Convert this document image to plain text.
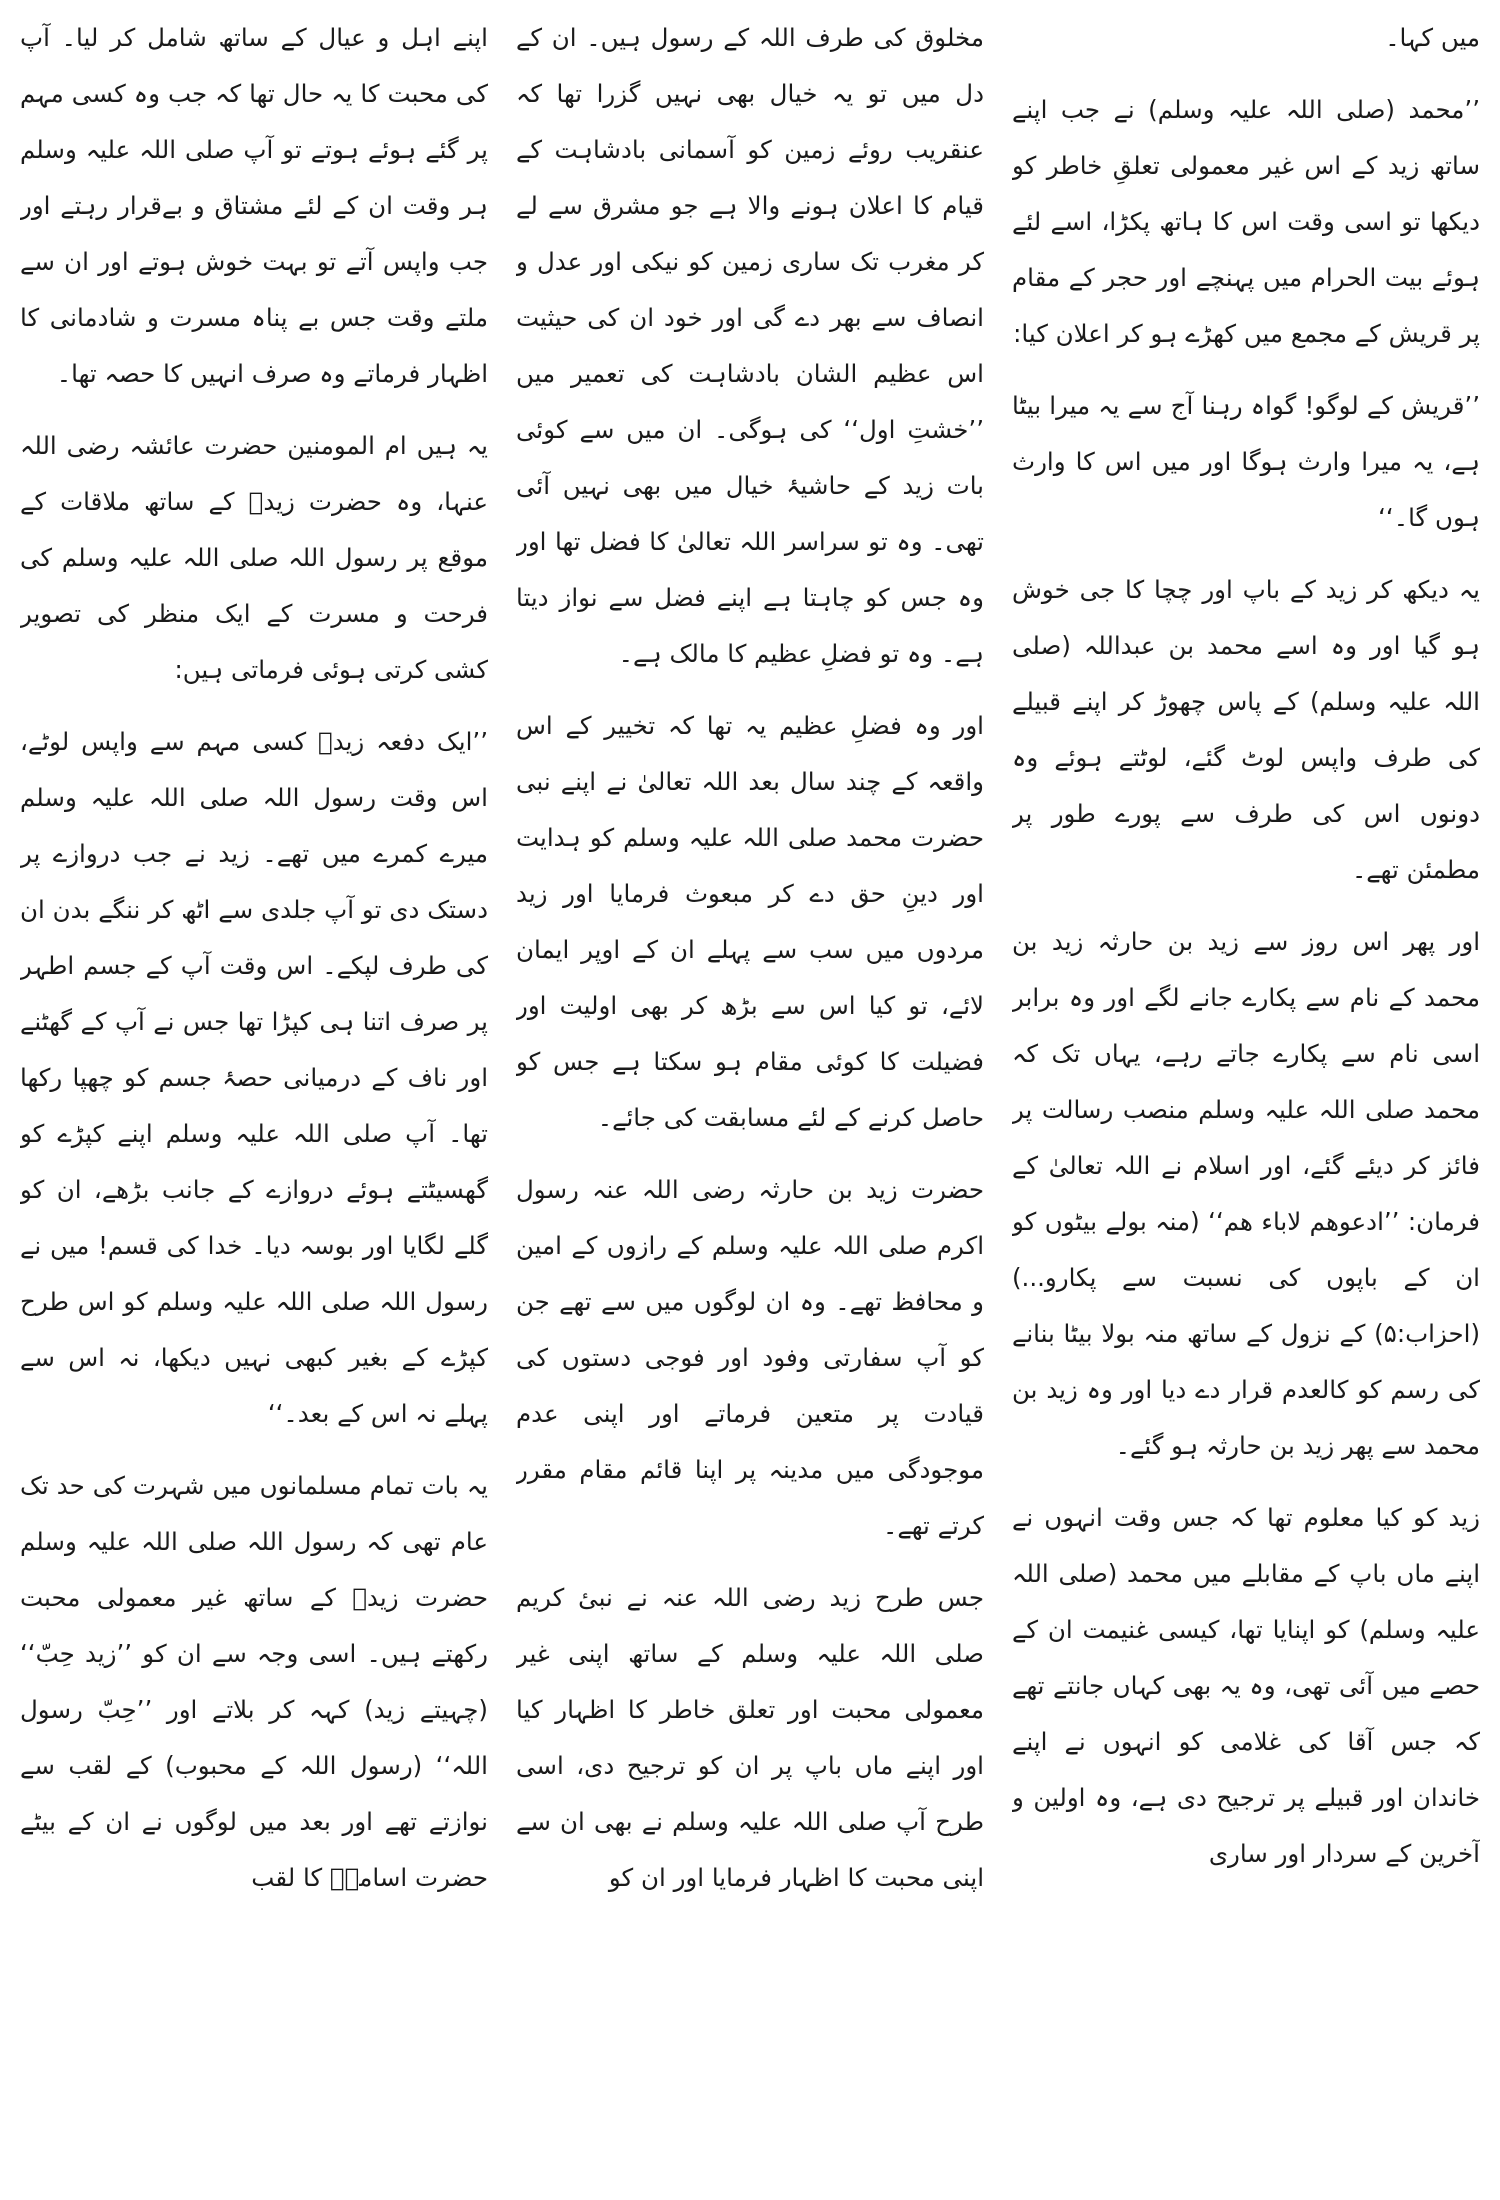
میں کہا۔

’’محمد (صلی اللہ علیہ وسلم) نے جب اپنے ساتھ زید کے اس غیر معمولی تعلقِ خاطر کو دیکھا تو اسی وقت اس کا ہاتھ پکڑا، اسے لئے ہوئے بیت الحرام میں پہنچے اور حجر کے مقام پر قریش کے مجمع میں کھڑے ہو کر اعلان کیا:

’’قریش کے لوگو! گواہ رہنا آج سے یہ میرا بیٹا ہے، یہ میرا وارث ہوگا اور میں اس کا وارث ہوں گا۔‘‘

یہ دیکھ کر زید کے باپ اور چچا کا جی خوش ہو گیا اور وہ اسے محمد بن عبداللہ (صلی اللہ علیہ وسلم) کے پاس چھوڑ کر اپنے قبیلے کی طرف واپس لوٹ گئے، لوٹتے ہوئے وہ دونوں اس کی طرف سے پورے طور پر مطمئن تھے۔

اور پھر اس روز سے زید بن حارثہ زید بن محمد کے نام سے پکارے جانے لگے اور وہ برابر اسی نام سے پکارے جاتے رہے، یہاں تک کہ محمد صلی اللہ علیہ وسلم منصب رسالت پر فائز کر دیئے گئے، اور اسلام نے اللہ تعالیٰ کے فرمان: ’’ادعوھم لاباء ھم‘‘ (منہ بولے بیٹوں کو ان کے باپوں کی نسبت سے پکارو...) (احزاب:۵) کے نزول کے ساتھ منہ بولا بیٹا بنانے کی رسم کو کالعدم قرار دے دیا اور وہ زید بن محمد سے پھر زید بن حارثہ ہو گئے۔

زید کو کیا معلوم تھا کہ جس وقت انہوں نے اپنے ماں باپ کے مقابلے میں محمد (صلی اللہ علیہ وسلم) کو اپنایا تھا، کیسی غنیمت ان کے حصے میں آئی تھی، وہ یہ بھی کہاں جانتے تھے کہ جس آقا کی غلامی کو انہوں نے اپنے خاندان اور قبیلے پر ترجیح دی ہے، وہ اولین و آخرین کے سردار اور ساری

مخلوق کی طرف اللہ کے رسول ہیں۔ ان کے دل میں تو یہ خیال بھی نہیں گزرا تھا کہ عنقریب روئے زمین کو آسمانی بادشاہت کے قیام کا اعلان ہونے والا ہے جو مشرق سے لے کر مغرب تک ساری زمین کو نیکی اور عدل و انصاف سے بھر دے گی اور خود ان کی حیثیت اس عظیم الشان بادشاہت کی تعمیر میں ’’خشتِ اول‘‘ کی ہوگی۔ ان میں سے کوئی بات زید کے حاشیۂ خیال میں بھی نہیں آئی تھی۔ وہ تو سراسر اللہ تعالیٰ کا فضل تھا اور وہ جس کو چاہتا ہے اپنے فضل سے نواز دیتا ہے۔ وہ تو فضلِ عظیم کا مالک ہے۔

اور وہ فضلِ عظیم یہ تھا کہ تخییر کے اس واقعہ کے چند سال بعد اللہ تعالیٰ نے اپنے نبی حضرت محمد صلی اللہ علیہ وسلم کو ہدایت اور دینِ حق دے کر مبعوث فرمایا اور زید مردوں میں سب سے پہلے ان کے اوپر ایمان لائے، تو کیا اس سے بڑھ کر بھی اولیت اور فضیلت کا کوئی مقام ہو سکتا ہے جس کو حاصل کرنے کے لئے مسابقت کی جائے۔

حضرت زید بن حارثہ رضی اللہ عنہ رسول اکرم صلی اللہ علیہ وسلم کے رازوں کے امین و محافظ تھے۔ وہ ان لوگوں میں سے تھے جن کو آپ سفارتی وفود اور فوجی دستوں کی قیادت پر متعین فرماتے اور اپنی عدم موجودگی میں مدینہ پر اپنا قائم مقام مقرر کرتے تھے۔

جس طرح زید رضی اللہ عنہ نے نبیٔ کریم صلی اللہ علیہ وسلم کے ساتھ اپنی غیر معمولی محبت اور تعلق خاطر کا اظہار کیا اور اپنے ماں باپ پر ان کو ترجیح دی، اسی طرح آپ صلی اللہ علیہ وسلم نے بھی ان سے اپنی محبت کا اظہار فرمایا اور ان کو

اپنے اہل و عیال کے ساتھ شامل کر لیا۔ آپ کی محبت کا یہ حال تھا کہ جب وہ کسی مہم پر گئے ہوئے ہوتے تو آپ صلی اللہ علیہ وسلم ہر وقت ان کے لئے مشتاق و بےقرار رہتے اور جب واپس آتے تو بہت خوش ہوتے اور ان سے ملتے وقت جس بے پناہ مسرت و شادمانی کا اظہار فرماتے وہ صرف انہیں کا حصہ تھا۔

یہ ہیں ام المومنین حضرت عائشہ رضی اللہ عنہا، وہ حضرت زیدؓ کے ساتھ ملاقات کے موقع پر رسول اللہ صلی اللہ علیہ وسلم کی فرحت و مسرت کے ایک منظر کی تصویر کشی کرتی ہوئی فرماتی ہیں:

’’ایک دفعہ زیدؓ کسی مہم سے واپس لوٹے، اس وقت رسول اللہ صلی اللہ علیہ وسلم میرے کمرے میں تھے۔ زید نے جب دروازے پر دستک دی تو آپ جلدی سے اٹھ کر ننگے بدن ان کی طرف لپکے۔ اس وقت آپ کے جسم اطہر پر صرف اتنا ہی کپڑا تھا جس نے آپ کے گھٹنے اور ناف کے درمیانی حصۂ جسم کو چھپا رکھا تھا۔ آپ صلی اللہ علیہ وسلم اپنے کپڑے کو گھسیٹتے ہوئے دروازے کے جانب بڑھے، ان کو گلے لگایا اور بوسہ دیا۔ خدا کی قسم! میں نے رسول اللہ صلی اللہ علیہ وسلم کو اس طرح کپڑے کے بغیر کبھی نہیں دیکھا، نہ اس سے پہلے نہ اس کے بعد۔‘‘

یہ بات تمام مسلمانوں میں شہرت کی حد تک عام تھی کہ رسول اللہ صلی اللہ علیہ وسلم حضرت زیدؓ کے ساتھ غیر معمولی محبت رکھتے ہیں۔ اسی وجہ سے ان کو ’’زید حِبّ‘‘ (چہیتے زید) کہہ کر بلاتے اور ’’حِبّ رسول اللہ‘‘ (رسول اللہ کے محبوب) کے لقب سے نوازتے تھے اور بعد میں لوگوں نے ان کے بیٹے حضرت اسامہؓ کا لقب
